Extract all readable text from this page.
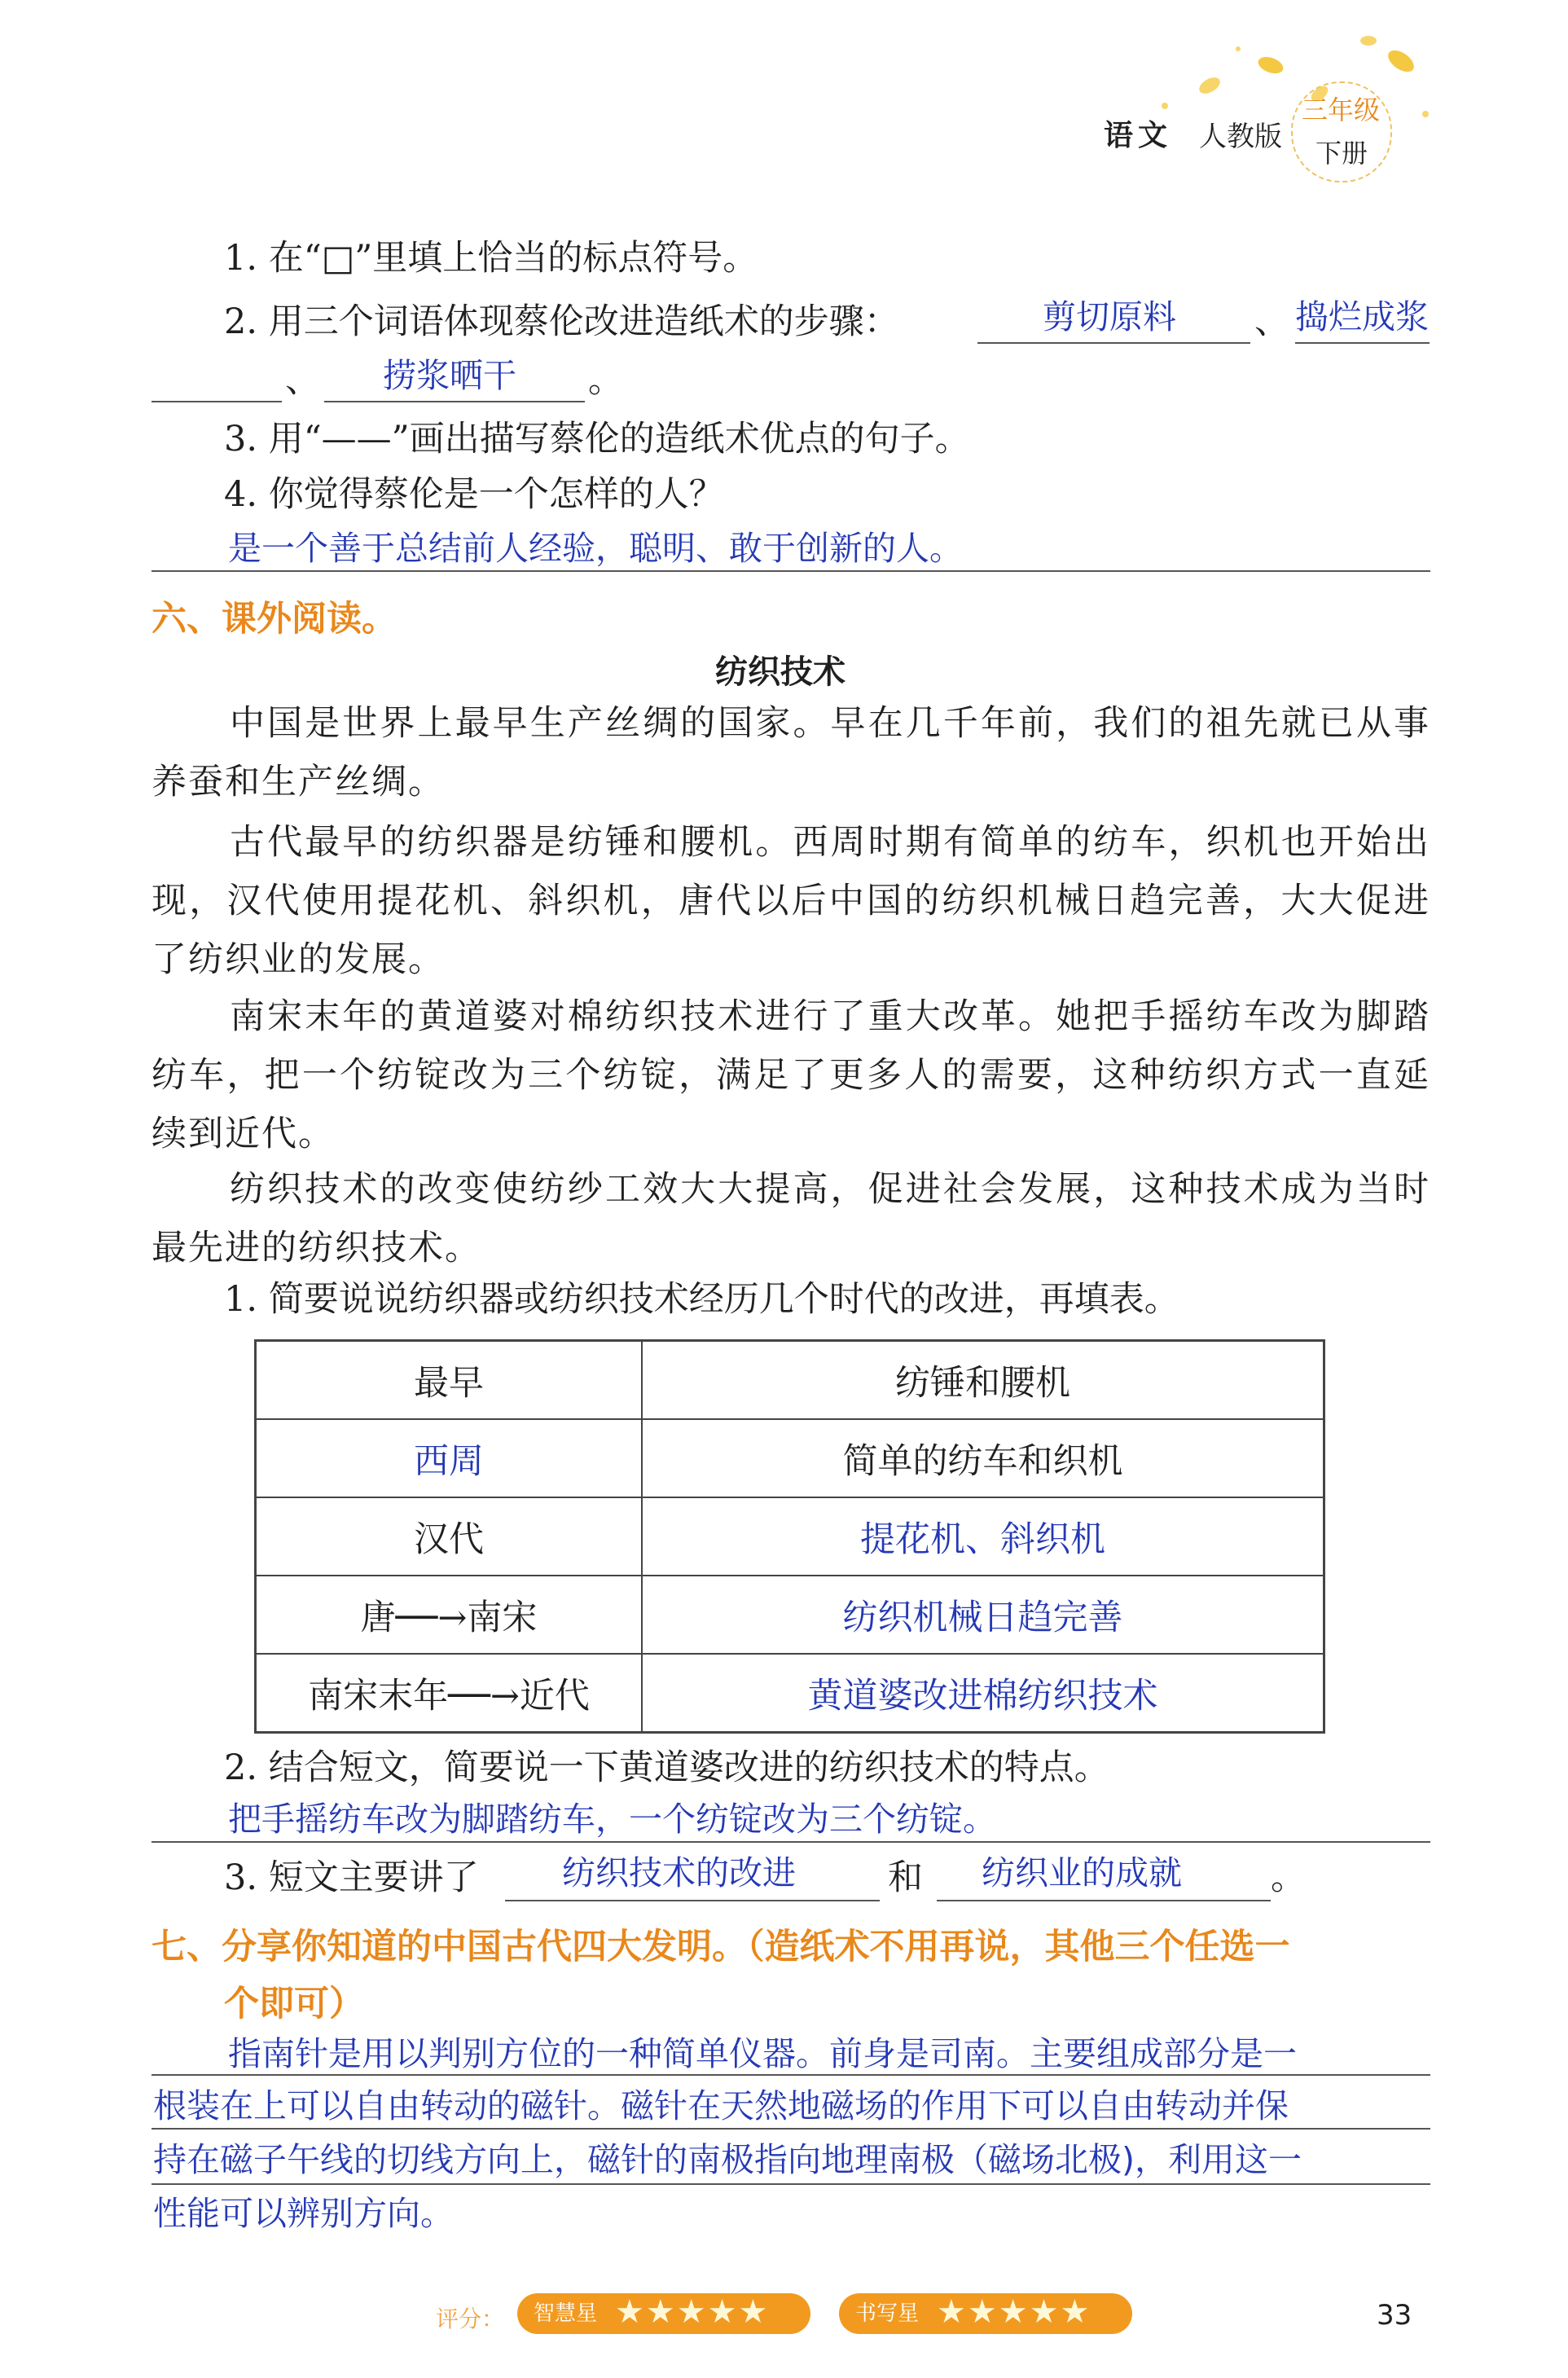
语文 人教版
三年级
下册
1. 在“□”里填上恰当的标点符号。
2. 用三个词语体现蔡伦改进造纸术的步骤：	剪切原料 、 捣烂成浆
、 捞浆晒干 。
3. 用“——”画出描写蔡伦的造纸术优点的句子。
4. 你觉得蔡伦是一个怎样的人？
是一个善于总结前人经验，聪明、敢于创新的人。
六、课外阅读。
纺织技术
中国是世界上最早生产丝绸的国家。早在几千年前，我们的祖先就已从事养蚕和生产丝绸。
古代最早的纺织器是纺锤和腰机。西周时期有简单的纺车，织机也开始出现，汉代使用提花机、斜织机，唐代以后中国的纺织机械日趋完善，大大促进了纺织业的发展。
南宋末年的黄道婆对棉纺织技术进行了重大改革。她把手摇纺车改为脚踏纺车，把一个纺锭改为三个纺锭，满足了更多人的需要，这种纺织方式一直延续到近代。
纺织技术的改变使纺纱工效大大提高，促进社会发展，这种技术成为当时最先进的纺织技术。
1. 简要说说纺织器或纺织技术经历几个时代的改进，再填表。
最早	纺锤和腰机
西周	简单的纺车和织机
汉代	提花机、斜织机
唐──→南宋	纺织机械日趋完善
南宋末年──→近代	黄道婆改进棉纺织技术
2. 结合短文，简要说一下黄道婆改进的纺织技术的特点。
把手摇纺车改为脚踏纺车，一个纺锭改为三个纺锭。
3. 短文主要讲了 纺织技术的改进	和 纺织业的成就	。
七、分享你知道的中国古代四大发明。（造纸术不用再说，其他三个任选一
个即可）
指南针是用以判别方位的一种简单仪器。前身是司南。主要组成部分是一
根装在上可以自由转动的磁针。磁针在天然地磁场的作用下可以自由转动并保
持在磁子午线的切线方向上，磁针的南极指向地理南极（磁场北极)，利用这一
性能可以辨别方向。
评分： 智慧星 ★★★★★	书写星 ★★★★★	33
